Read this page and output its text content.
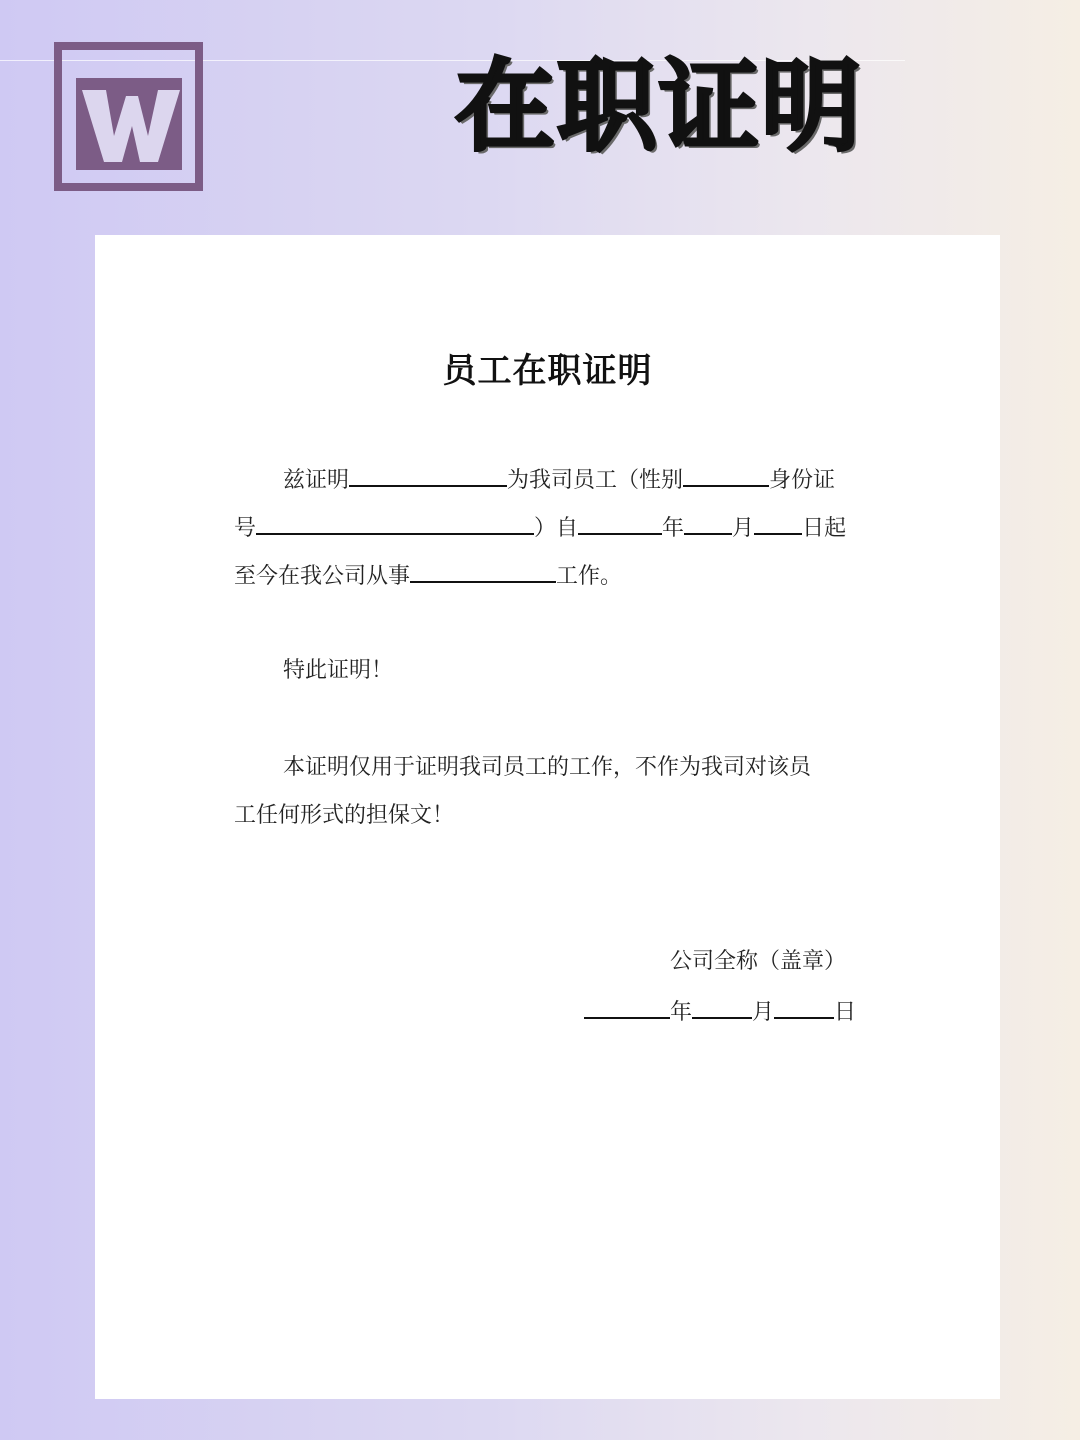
在职证明
员工在职证明
兹证明	为我司员工（性别	身份证
号	）自	年 月 日起
至今在我公司从事	工作。
特此证明！
本证明仅用于证明我司员工的工作，不作为我司对该员
工任何形式的担保文！
公司全称（盖章）
年	月	日
